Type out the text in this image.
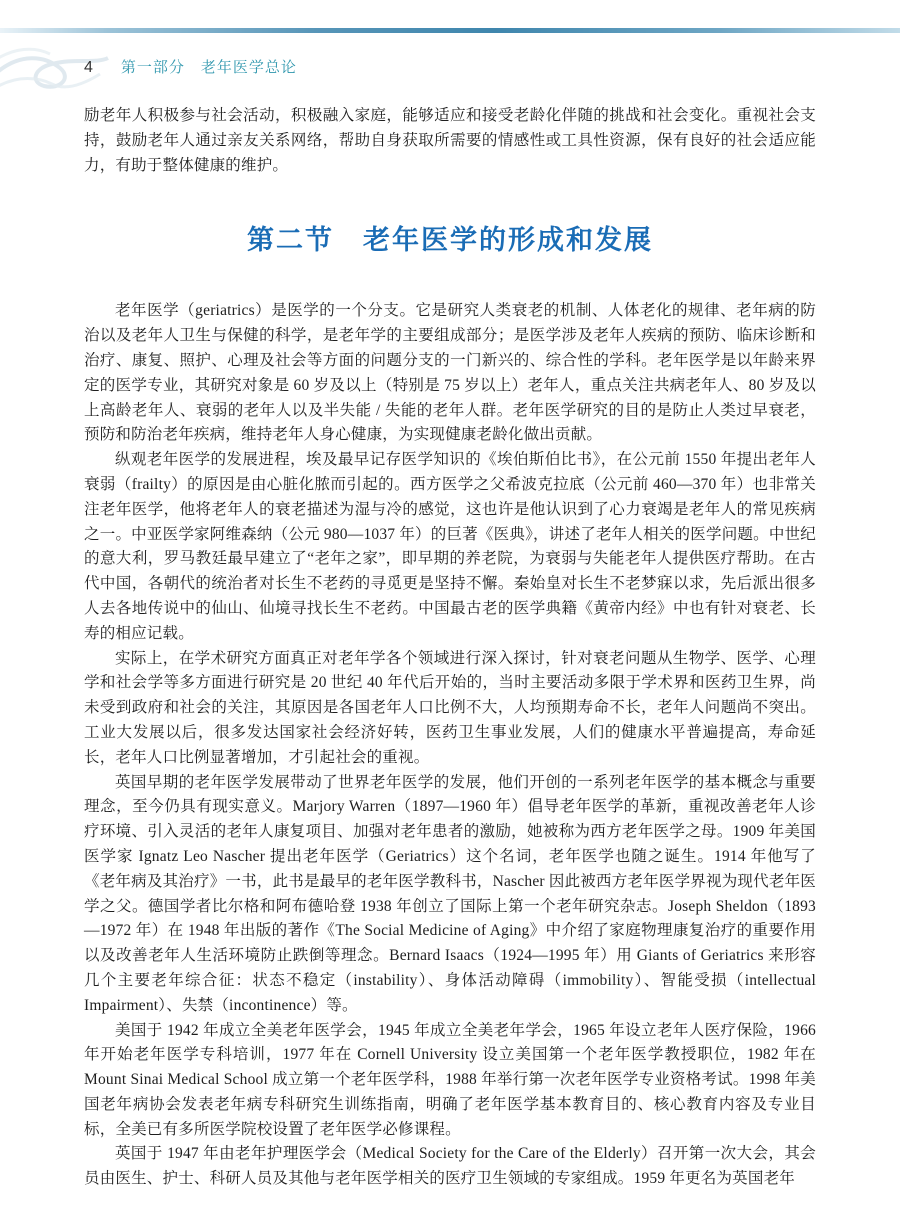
4 第一部分　老年医学总论

励老年人积极参与社会活动，积极融入家庭，能够适应和接受老龄化伴随的挑战和社会变化。重视社会支持，鼓励老年人通过亲友关系网络，帮助自身获取所需要的情感性或工具性资源，保有良好的社会适应能力，有助于整体健康的维护。

第二节　老年医学的形成和发展

老年医学（geriatrics）是医学的一个分支。它是研究人类衰老的机制、人体老化的规律、老年病的防治以及老年人卫生与保健的科学，是老年学的主要组成部分；是医学涉及老年人疾病的预防、临床诊断和治疗、康复、照护、心理及社会等方面的问题分支的一门新兴的、综合性的学科。老年医学是以年龄来界定的医学专业，其研究对象是 60 岁及以上（特别是 75 岁以上）老年人，重点关注共病老年人、80 岁及以上高龄老年人、衰弱的老年人以及半失能 / 失能的老年人群。老年医学研究的目的是防止人类过早衰老，预防和防治老年疾病，维持老年人身心健康，为实现健康老龄化做出贡献。

纵观老年医学的发展进程，埃及最早记存医学知识的《埃伯斯伯比书》，在公元前 1550 年提出老年人衰弱（frailty）的原因是由心脏化脓而引起的。西方医学之父希波克拉底（公元前 460—370 年）也非常关注老年医学，他将老年人的衰老描述为湿与冷的感觉，这也许是他认识到了心力衰竭是老年人的常见疾病之一。中亚医学家阿维森纳（公元 980—1037 年）的巨著《医典》，讲述了老年人相关的医学问题。中世纪的意大利，罗马教廷最早建立了“老年之家”，即早期的养老院，为衰弱与失能老年人提供医疗帮助。在古代中国，各朝代的统治者对长生不老药的寻觅更是坚持不懈。秦始皇对长生不老梦寐以求，先后派出很多人去各地传说中的仙山、仙境寻找长生不老药。中国最古老的医学典籍《黄帝内经》中也有针对衰老、长寿的相应记载。

实际上，在学术研究方面真正对老年学各个领域进行深入探讨，针对衰老问题从生物学、医学、心理学和社会学等多方面进行研究是 20 世纪 40 年代后开始的，当时主要活动多限于学术界和医药卫生界，尚未受到政府和社会的关注，其原因是各国老年人口比例不大，人均预期寿命不长，老年人问题尚不突出。工业大发展以后，很多发达国家社会经济好转，医药卫生事业发展，人们的健康水平普遍提高，寿命延长，老年人口比例显著增加，才引起社会的重视。

英国早期的老年医学发展带动了世界老年医学的发展，他们开创的一系列老年医学的基本概念与重要理念，至今仍具有现实意义。Marjory Warren（1897—1960 年）倡导老年医学的革新，重视改善老年人诊疗环境、引入灵活的老年人康复项目、加强对老年患者的激励，她被称为西方老年医学之母。1909 年美国医学家 Ignatz Leo Nascher 提出老年医学（Geriatrics）这个名词，老年医学也随之诞生。1914 年他写了《老年病及其治疗》一书，此书是最早的老年医学教科书，Nascher 因此被西方老年医学界视为现代老年医学之父。德国学者比尔格和阿布德哈登 1938 年创立了国际上第一个老年研究杂志。Joseph Sheldon（1893—1972 年）在 1948 年出版的著作《The Social Medicine of Aging》中介绍了家庭物理康复治疗的重要作用以及改善老年人生活环境防止跌倒等理念。Bernard Isaacs（1924—1995 年）用 Giants of Geriatrics 来形容几个主要老年综合征：状态不稳定（instability）、身体活动障碍（immobility）、智能受损（intellectual Impairment）、失禁（incontinence）等。

美国于 1942 年成立全美老年医学会，1945 年成立全美老年学会，1965 年设立老年人医疗保险，1966 年开始老年医学专科培训，1977 年在 Cornell University 设立美国第一个老年医学教授职位，1982 年在 Mount Sinai Medical School 成立第一个老年医学科，1988 年举行第一次老年医学专业资格考试。1998 年美国老年病协会发表老年病专科研究生训练指南，明确了老年医学基本教育目的、核心教育内容及专业目标，全美已有多所医学院校设置了老年医学必修课程。

英国于 1947 年由老年护理医学会（Medical Society for the Care of the Elderly）召开第一次大会，其会员由医生、护士、科研人员及其他与老年医学相关的医疗卫生领域的专家组成。1959 年更名为英国老年
